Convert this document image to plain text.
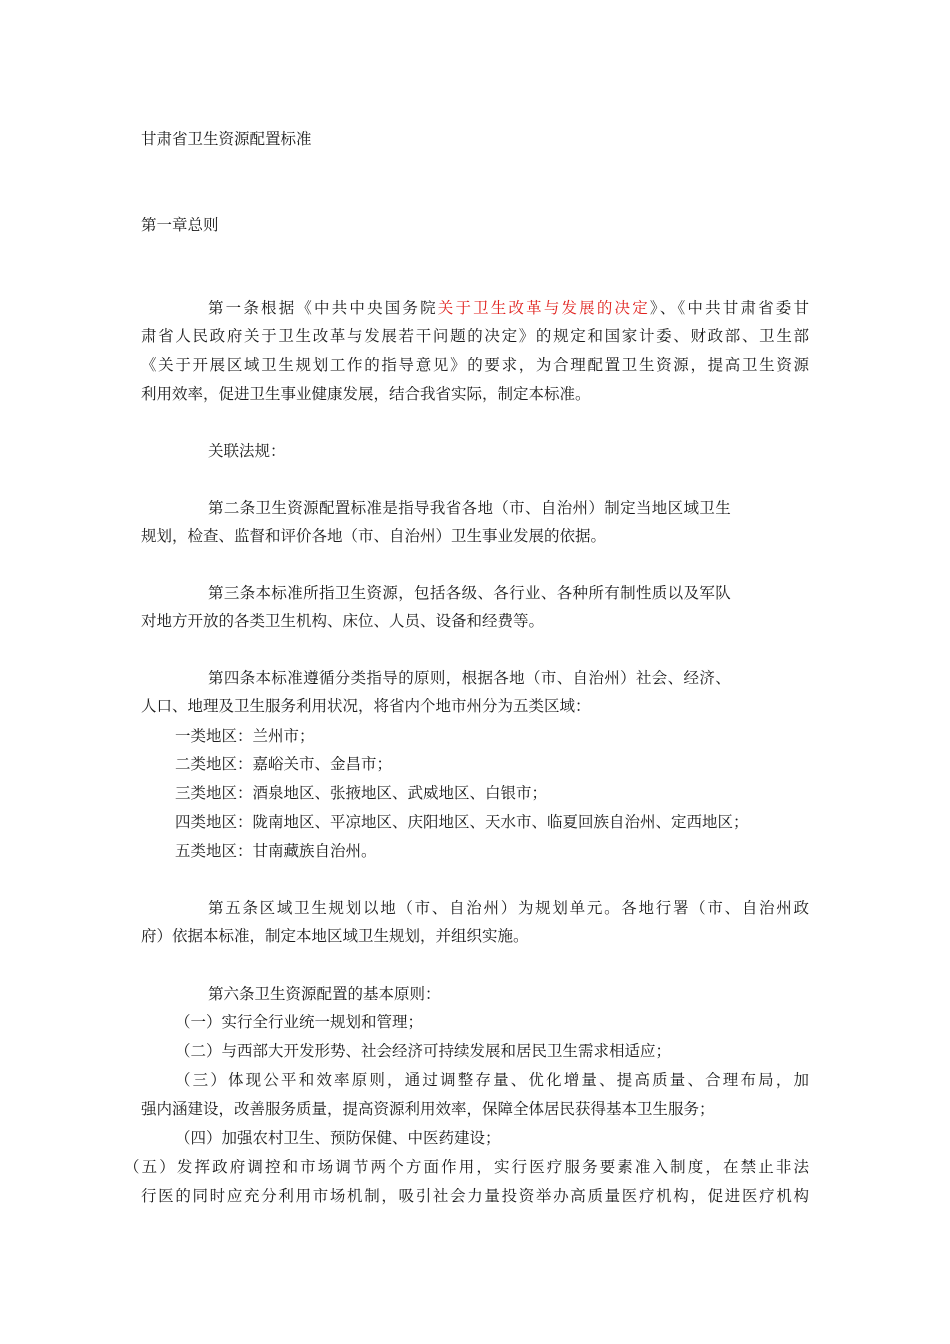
甘肃省卫生资源配置标准
第一章总则
第一条根据《中共中央国务院关于卫生改革与发展的决定》、《中共甘肃省委甘
肃省人民政府关于卫生改革与发展若干问题的决定》的规定和国家计委、财政部、卫生部
《关于开展区域卫生规划工作的指导意见》的要求，为合理配置卫生资源，提高卫生资源
利用效率，促进卫生事业健康发展，结合我省实际，制定本标准。
关联法规：
第二条卫生资源配置标准是指导我省各地（市、自治州）制定当地区域卫生
规划，检查、监督和评价各地（市、自治州）卫生事业发展的依据。
第三条本标准所指卫生资源，包括各级、各行业、各种所有制性质以及军队
对地方开放的各类卫生机构、床位、人员、设备和经费等。
第四条本标准遵循分类指导的原则，根据各地（市、自治州）社会、经济、
人口、地理及卫生服务利用状况，将省内个地市州分为五类区域：
一类地区：兰州市；
二类地区：嘉峪关市、金昌市；
三类地区：酒泉地区、张掖地区、武威地区、白银市；
四类地区：陇南地区、平凉地区、庆阳地区、天水市、临夏回族自治州、定西地区；
五类地区：甘南藏族自治州。
第五条区域卫生规划以地（市、自治州）为规划单元。各地行署（市、自治州政
府）依据本标准，制定本地区域卫生规划，并组织实施。
第六条卫生资源配置的基本原则：
（一）实行全行业统一规划和管理；
（二）与西部大开发形势、社会经济可持续发展和居民卫生需求相适应；
（三）体现公平和效率原则，通过调整存量、优化增量、提高质量、合理布局，加
强内涵建设，改善服务质量，提高资源利用效率，保障全体居民获得基本卫生服务；
（四）加强农村卫生、预防保健、中医药建设；
（五）发挥政府调控和市场调节两个方面作用，实行医疗服务要素准入制度，在禁止非法
行医的同时应充分利用市场机制，吸引社会力量投资举办高质量医疗机构，促进医疗机构
